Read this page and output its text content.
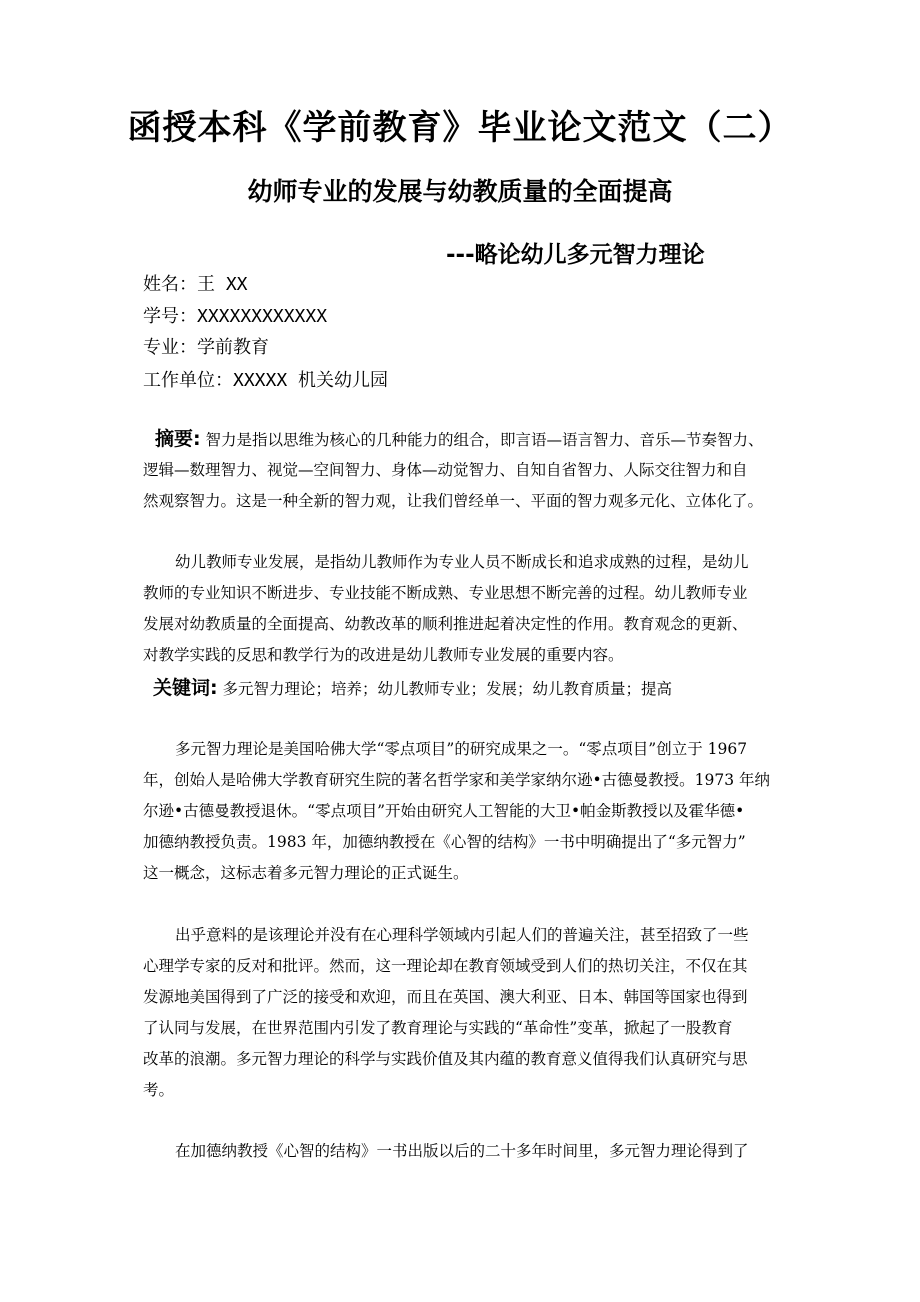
函授本科《学前教育》毕业论文范文（二）
幼师专业的发展与幼教质量的全面提高
---略论幼儿多元智力理论
姓名：王 XX
学号：XXXXXXXXXXXX
专业：学前教育
工作单位：XXXXX 机关幼儿园
摘要: 智力是指以思维为核心的几种能力的组合，即言语—语言智力、音乐—节奏智力、
逻辑—数理智力、视觉—空间智力、身体—动觉智力、自知自省智力、人际交往智力和自
然观察智力。这是一种全新的智力观，让我们曾经单一、平面的智力观多元化、立体化了。
幼儿教师专业发展，是指幼儿教师作为专业人员不断成长和追求成熟的过程，是幼儿
教师的专业知识不断进步、专业技能不断成熟、专业思想不断完善的过程。幼儿教师专业
发展对幼教质量的全面提高、幼教改革的顺利推进起着决定性的作用。教育观念的更新、
对教学实践的反思和教学行为的改进是幼儿教师专业发展的重要内容。
关键词: 多元智力理论；培养；幼儿教师专业；发展；幼儿教育质量；提高
多元智力理论是美国哈佛大学“零点项目”的研究成果之一。“零点项目”创立于 1967
年，创始人是哈佛大学教育研究生院的著名哲学家和美学家纳尔逊•古德曼教授。1973 年纳
尔逊•古德曼教授退休。“零点项目”开始由研究人工智能的大卫•帕金斯教授以及霍华德•
加德纳教授负责。1983 年，加德纳教授在《心智的结构》一书中明确提出了“多元智力”
这一概念，这标志着多元智力理论的正式诞生。
出乎意料的是该理论并没有在心理科学领域内引起人们的普遍关注，甚至招致了一些
心理学专家的反对和批评。然而，这一理论却在教育领域受到人们的热切关注，不仅在其
发源地美国得到了广泛的接受和欢迎，而且在英国、澳大利亚、日本、韩国等国家也得到
了认同与发展，在世界范围内引发了教育理论与实践的“革命性”变革，掀起了一股教育
改革的浪潮。多元智力理论的科学与实践价值及其内蕴的教育意义值得我们认真研究与思
考。
在加德纳教授《心智的结构》一书出版以后的二十多年时间里，多元智力理论得到了
